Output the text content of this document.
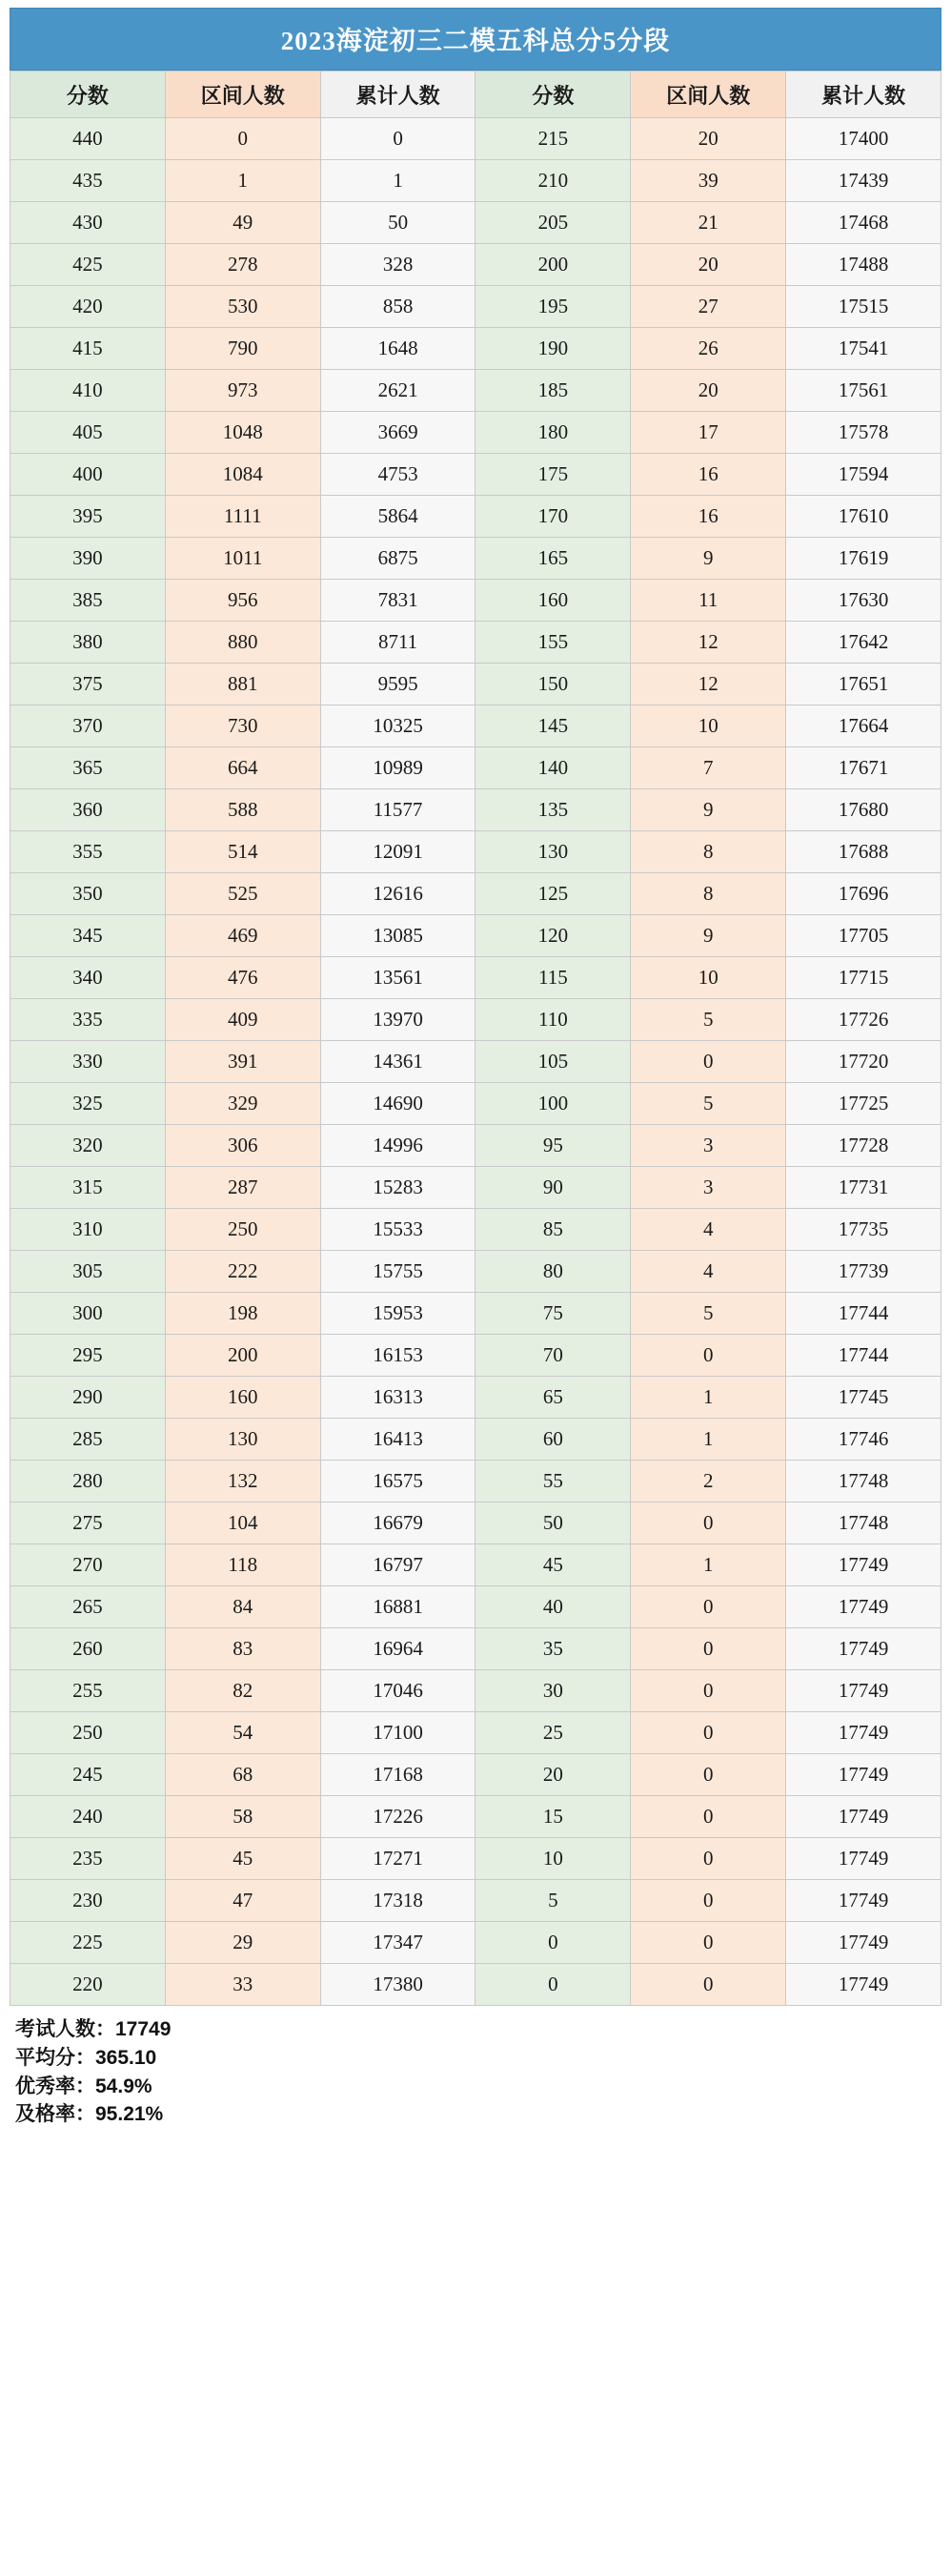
2023海淀初三二模五科总分5分段
分数	区间人数	累计人数	分数	区间人数	累计人数
440	0	0	215	20	17400
435	1	1	210	39	17439
430	49	50	205	21	17468
425	278	328	200	20	17488
420	530	858	195	27	17515
415	790	1648	190	26	17541
410	973	2621	185	20	17561
405	1048	3669	180	17	17578
400	1084	4753	175	16	17594
395	1111	5864	170	16	17610
390	1011	6875	165	9	17619
385	956	7831	160	11	17630
380	880	8711	155	12	17642
375	881	9595	150	12	17651
370	730	10325	145	10	17664
365	664	10989	140	7	17671
360	588	11577	135	9	17680
355	514	12091	130	8	17688
350	525	12616	125	8	17696
345	469	13085	120	9	17705
340	476	13561	115	10	17715
335	409	13970	110	5	17726
330	391	14361	105	0	17720
325	329	14690	100	5	17725
320	306	14996	95	3	17728
315	287	15283	90	3	17731
310	250	15533	85	4	17735
305	222	15755	80	4	17739
300	198	15953	75	5	17744
295	200	16153	70	0	17744
290	160	16313	65	1	17745
285	130	16413	60	1	17746
280	132	16575	55	2	17748
275	104	16679	50	0	17748
270	118	16797	45	1	17749
265	84	16881	40	0	17749
260	83	16964	35	0	17749
255	82	17046	30	0	17749
250	54	17100	25	0	17749
245	68	17168	20	0	17749
240	58	17226	15	0	17749
235	45	17271	10	0	17749
230	47	17318	5	0	17749
225	29	17347	0	0	17749
220	33	17380	0	0	17749
考试人数：17749
平均分：365.10
优秀率：54.9%
及格率：95.21%
